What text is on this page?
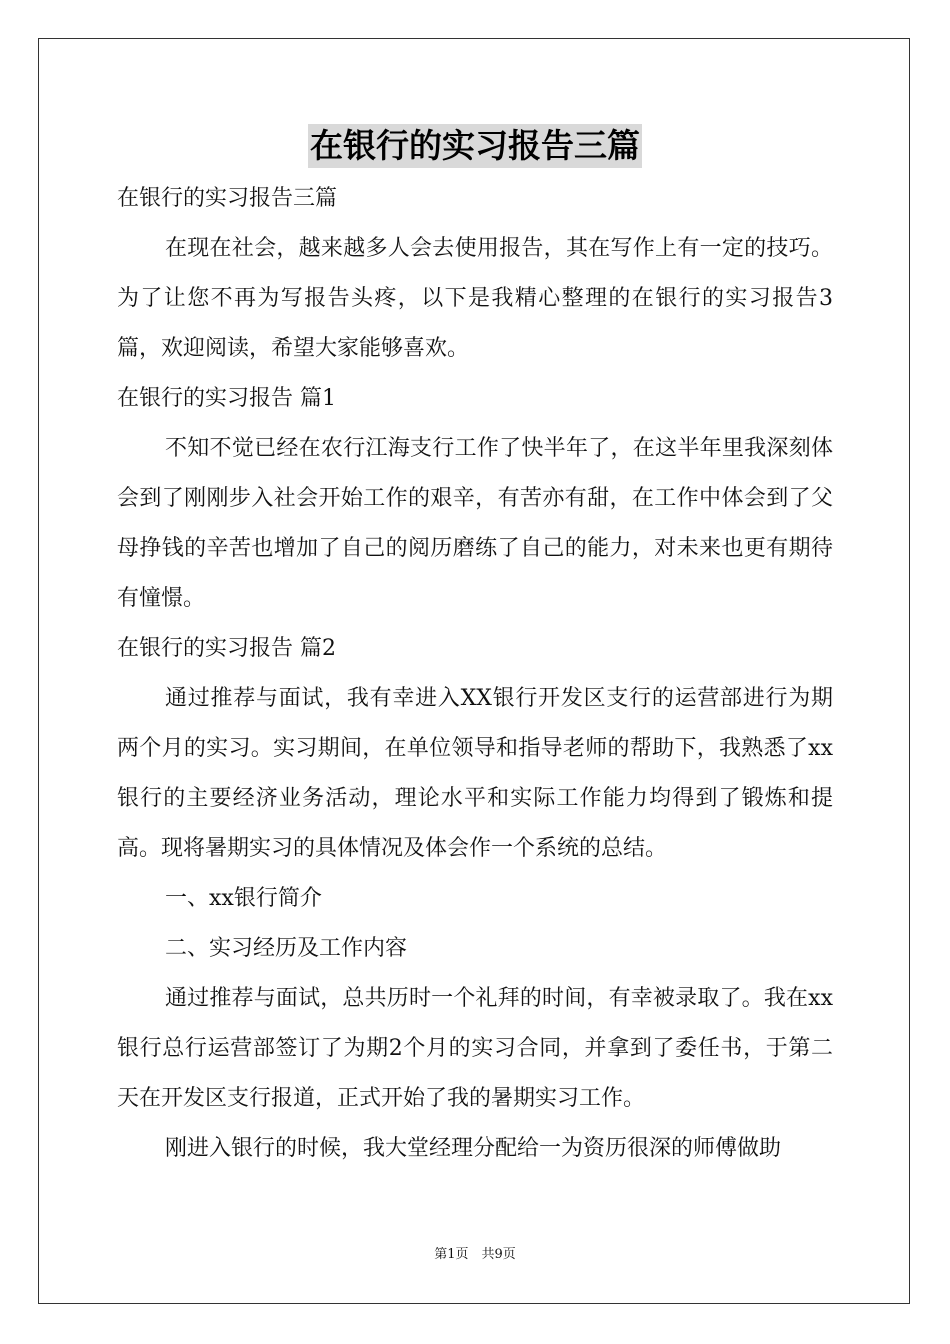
在银行的实习报告三篇

在银行的实习报告三篇

在现在社会，越来越多人会去使用报告，其在写作上有一定的技巧。为了让您不再为写报告头疼，以下是我精心整理的在银行的实习报告3篇，欢迎阅读，希望大家能够喜欢。

在银行的实习报告 篇1

不知不觉已经在农行江海支行工作了快半年了，在这半年里我深刻体会到了刚刚步入社会开始工作的艰辛，有苦亦有甜，在工作中体会到了父母挣钱的辛苦也增加了自己的阅历磨练了自己的能力，对未来也更有期待有憧憬。

在银行的实习报告 篇2

通过推荐与面试，我有幸进入XX银行开发区支行的运营部进行为期两个月的实习。实习期间，在单位领导和指导老师的帮助下，我熟悉了xx银行的主要经济业务活动，理论水平和实际工作能力均得到了锻炼和提高。现将暑期实习的具体情况及体会作一个系统的总结。

一、xx银行简介

二、实习经历及工作内容

通过推荐与面试，总共历时一个礼拜的时间，有幸被录取了。我在xx银行总行运营部签订了为期2个月的实习合同，并拿到了委任书，于第二天在开发区支行报道，正式开始了我的暑期实习工作。

刚进入银行的时候，我大堂经理分配给一为资历很深的师傅做助

第1页　共9页
